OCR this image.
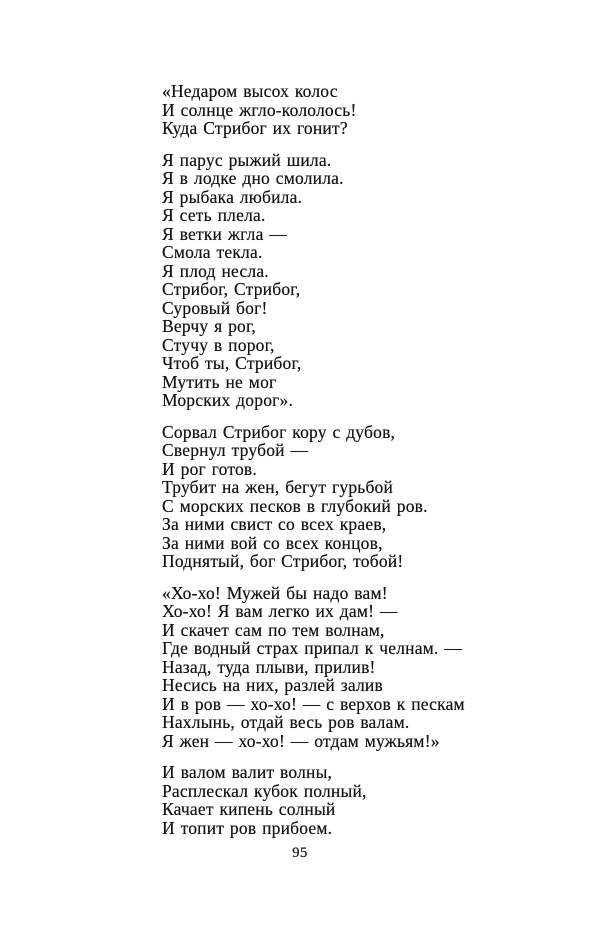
«Недаром высох колос
И солнце жгло-кололось!
Куда Стрибог их гонит?
Я парус рыжий шила.
Я в лодке дно смолила.
Я рыбака любила.
Я сеть плела.
Я ветки жгла —
Смола текла.
Я плод несла.
Стрибог, Стрибог,
Суровый бог!
Верчу я рог,
Стучу в порог,
Чтоб ты, Стрибог,
Мутить не мог
Морских дорог».
Сорвал Стрибог кору с дубов,
Свернул трубой —
И рог готов.
Трубит на жен, бегут гурьбой
С морских песков в глубокий ров.
За ними свист со всех краев,
За ними вой со всех концов,
Поднятый, бог Стрибог, тобой!
«Хо-хо! Мужей бы надо вам!
Хо-хо! Я вам легко их дам! —
И скачет сам по тем волнам,
Где водный страх припал к челнам. —
Назад, туда плыви, прилив!
Несись на них, разлей залив
И в ров — хо-хо! — с верхов к пескам
Нахлынь, отдай весь ров валам.
Я жен — хо-хо! — отдам мужьям!»
И валом валит волны,
Расплескал кубок полный,
Качает кипень солный
И топит ров прибоем.
95
